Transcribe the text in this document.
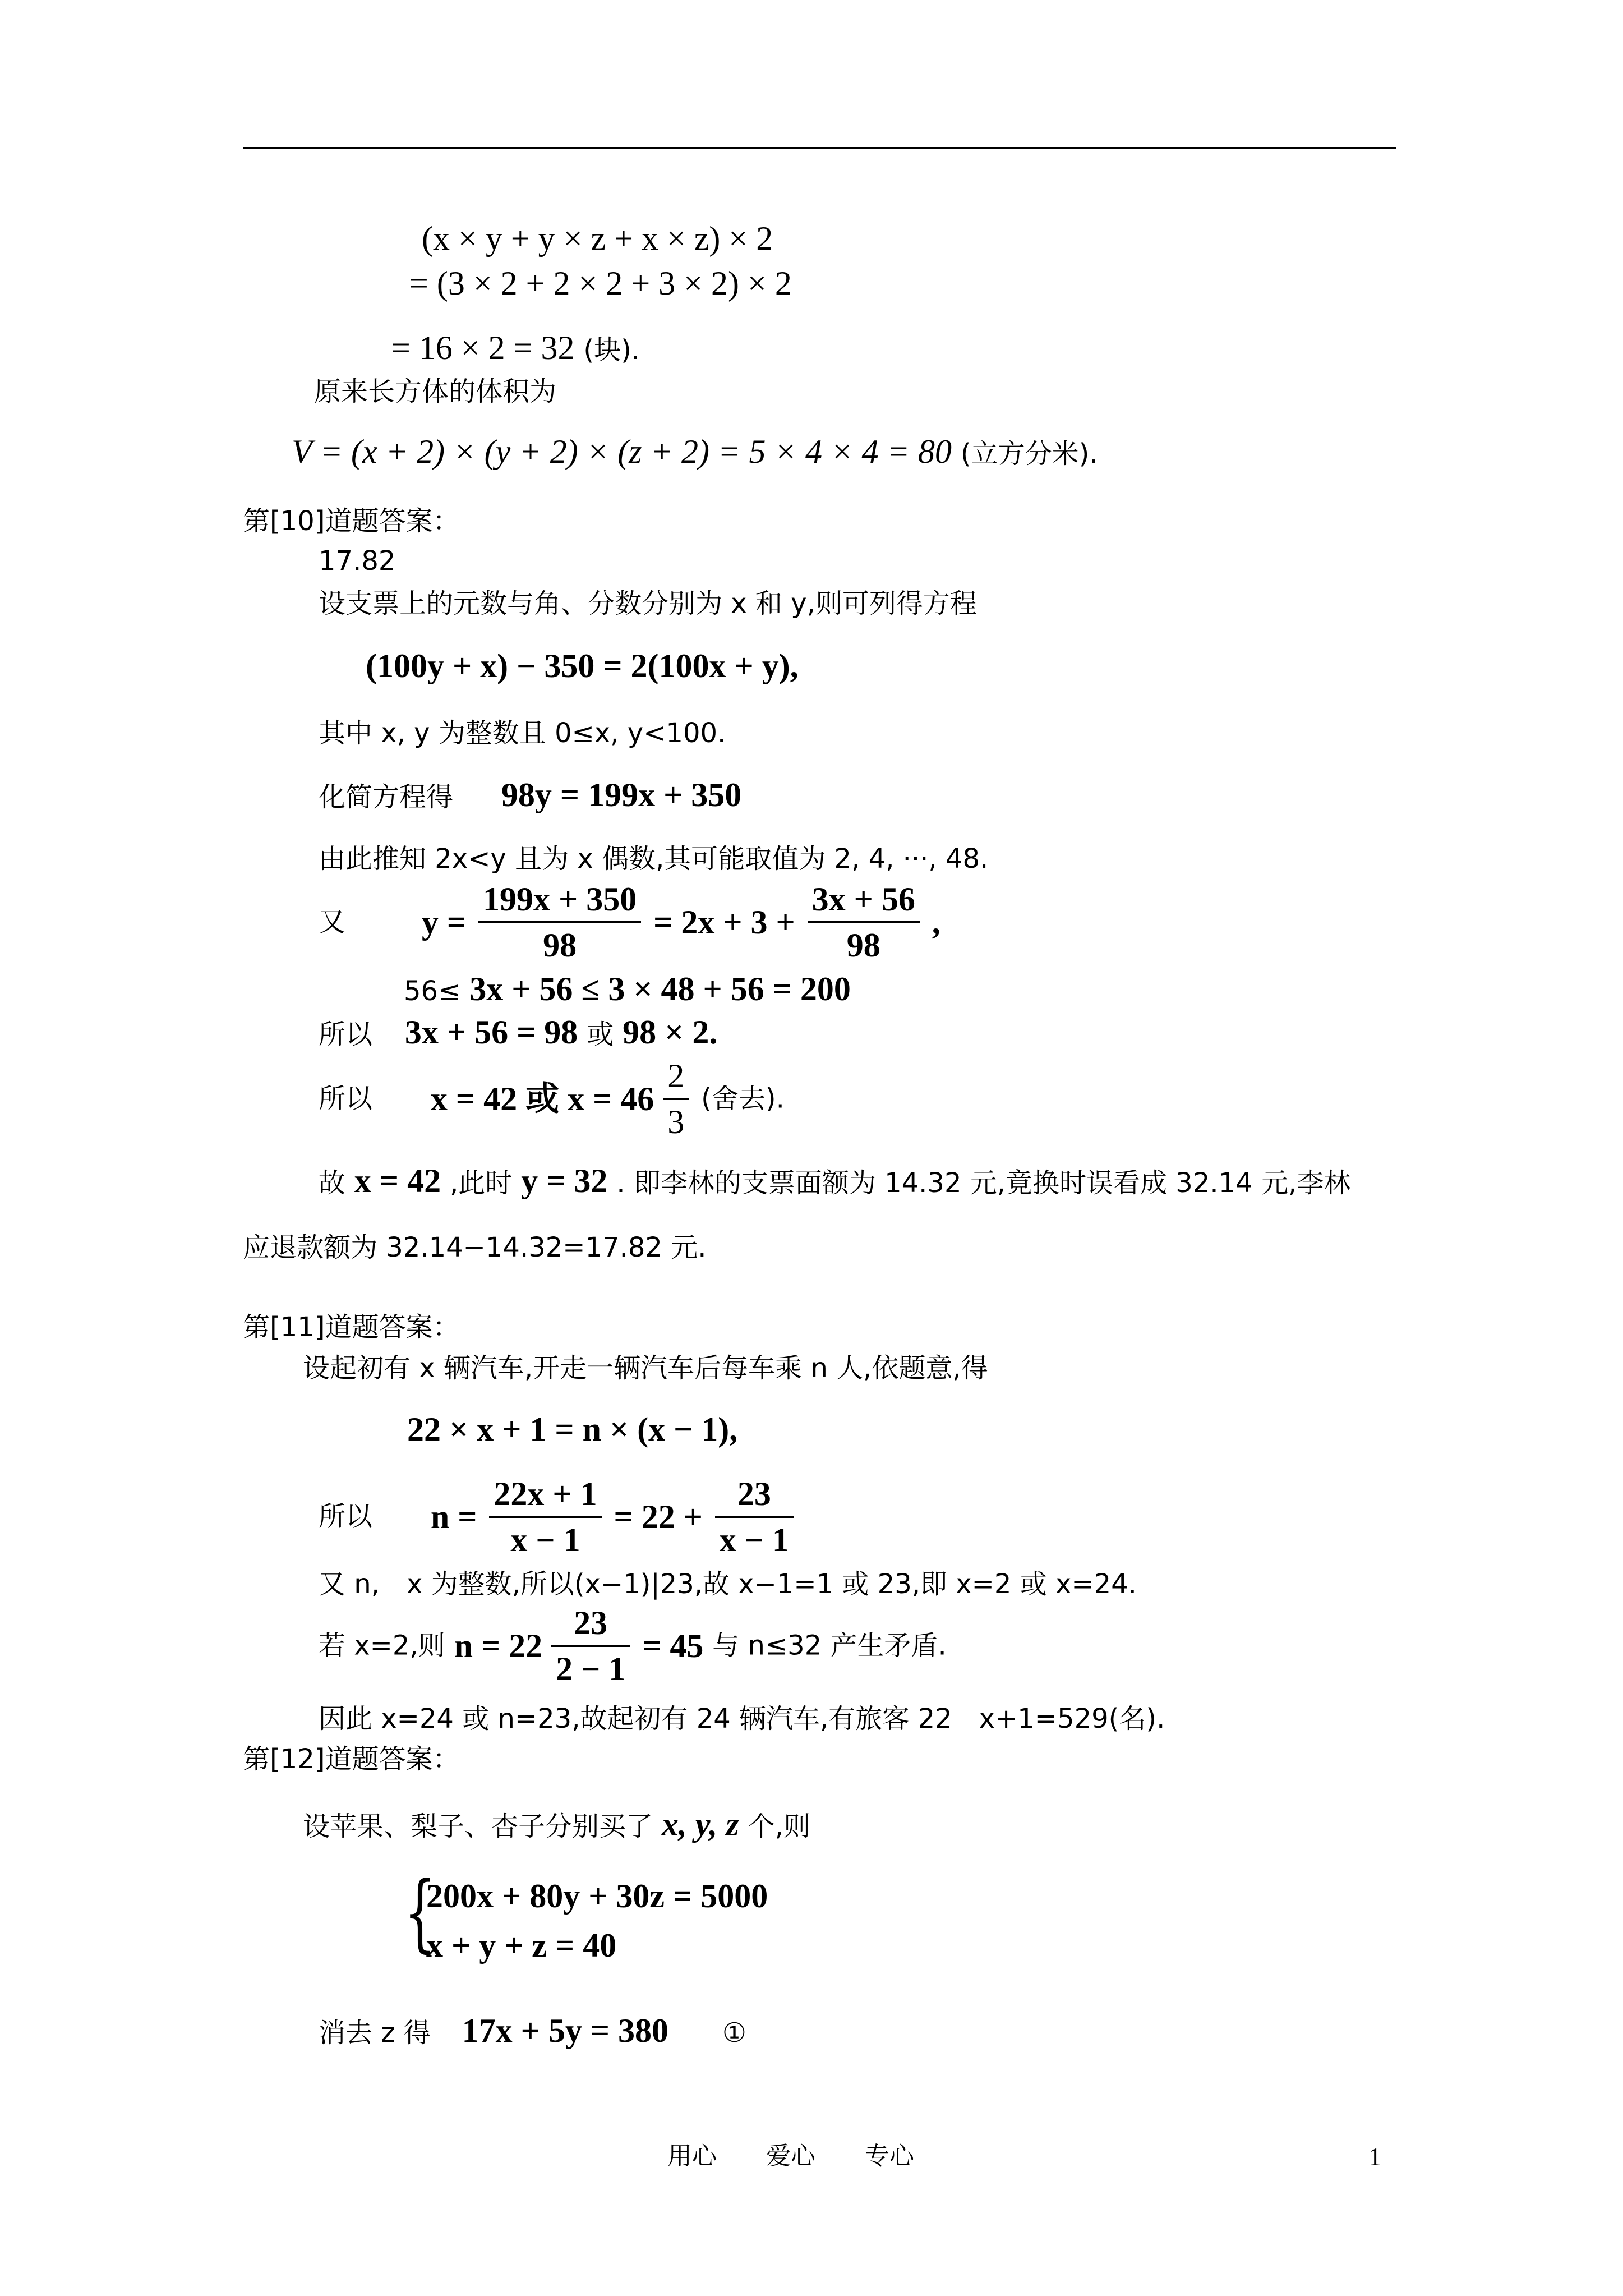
(x × y + y × z + x × z) × 2
= (3 × 2 + 2 × 2 + 3 × 2) × 2
= 16 × 2 = 32 (块).
原来长方体的体积为
V = (x + 2) × (y + 2) × (z + 2) = 5 × 4 × 4 = 80 (立方分米).
第[10]道题答案：
17.82
设支票上的元数与角、分数分别为 x 和 y,则可列得方程
(100y + x) − 350 = 2(100x + y),
其中 x, y 为整数且 0≤x, y<100.
化简方程得 98y = 199x + 350
由此推知 2x<y 且为 x 偶数,其可能取值为 2, 4, ···, 48.
又 $y = \frac{199x + 350}{98} = 2x + 3 + \frac{3x + 56}{98}$ ,
56≤ 3x + 56 ≤ 3 × 48 + 56 = 200
所以 3x + 56 = 98 或 98 × 2.
所以 x = 42 或 $x = 46 \frac{2}{3}$ (舍去).
故 x = 42 ,此时 y = 32 . 即李林的支票面额为 14.32 元,竟换时误看成 32.14 元,李林
应退款额为 32.14−14.32=17.82 元.
第[11]道题答案：
设起初有 x 辆汽车,开走一辆汽车后每车乘 n 人,依题意,得
22 × x + 1 = n × (x − 1),
所以 $n = \frac{22x + 1}{x - 1} = 22 + \frac{23}{x - 1}$
又 n,　x 为整数,所以(x−1)|23,故 x−1=1 或 23,即 x=2 或 x=24.
若 x=2,则 $n = 22 \frac{23}{2 - 1} = 45$ 与 n≤32 产生矛盾.
因此 x=24 或 n=23,故起初有 24 辆汽车,有旅客 22　x+1=529(名).
第[12]道题答案：
设苹果、梨子、杏子分别买了 x, y, z 个,则
{
200x + 80y + 30z = 5000
x + y + z = 40
消去 z 得 17x + 5y = 380 ①
用心　　爱心　　专心	1
